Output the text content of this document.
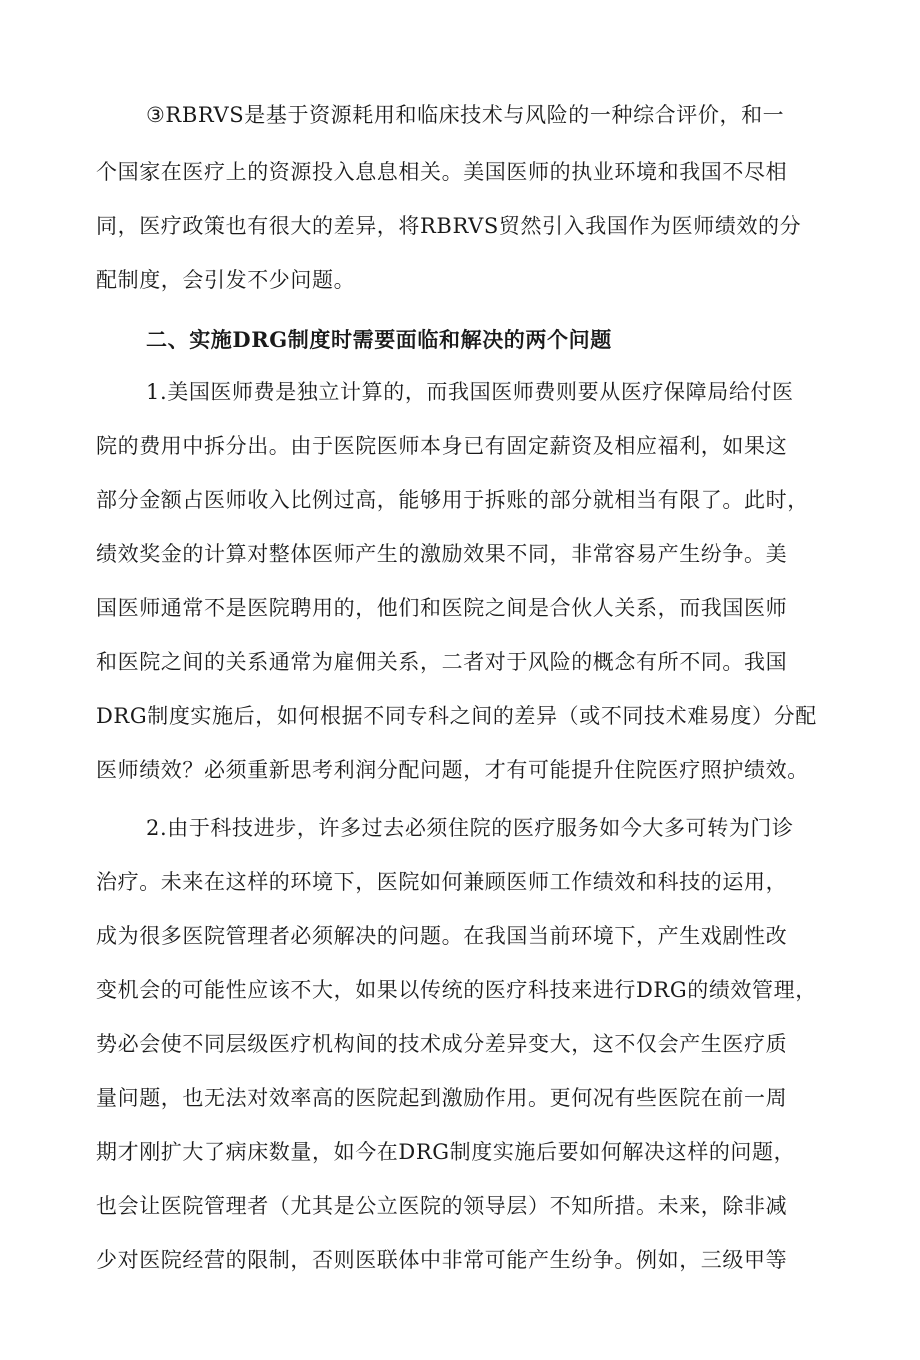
③RBRVS是基于资源耗用和临床技术与风险的一种综合评价，和一
个国家在医疗上的资源投入息息相关。美国医师的执业环境和我国不尽相
同，医疗政策也有很大的差异，将RBRVS贸然引入我国作为医师绩效的分
配制度，会引发不少问题。
二、实施DRG制度时需要面临和解决的两个问题
1.美国医师费是独立计算的，而我国医师费则要从医疗保障局给付医
院的费用中拆分出。由于医院医师本身已有固定薪资及相应福利，如果这
部分金额占医师收入比例过高，能够用于拆账的部分就相当有限了。此时，
绩效奖金的计算对整体医师产生的激励效果不同，非常容易产生纷争。美
国医师通常不是医院聘用的，他们和医院之间是合伙人关系，而我国医师
和医院之间的关系通常为雇佣关系，二者对于风险的概念有所不同。我国
DRG制度实施后，如何根据不同专科之间的差异（或不同技术难易度）分配
医师绩效？必须重新思考利润分配问题，才有可能提升住院医疗照护绩效。
2.由于科技进步，许多过去必须住院的医疗服务如今大多可转为门诊
治疗。未来在这样的环境下，医院如何兼顾医师工作绩效和科技的运用，
成为很多医院管理者必须解决的问题。在我国当前环境下，产生戏剧性改
变机会的可能性应该不大，如果以传统的医疗科技来进行DRG的绩效管理，
势必会使不同层级医疗机构间的技术成分差异变大，这不仅会产生医疗质
量问题，也无法对效率高的医院起到激励作用。更何况有些医院在前一周
期才刚扩大了病床数量，如今在DRG制度实施后要如何解决这样的问题，
也会让医院管理者（尤其是公立医院的领导层）不知所措。未来，除非减
少对医院经营的限制，否则医联体中非常可能产生纷争。例如，三级甲等
